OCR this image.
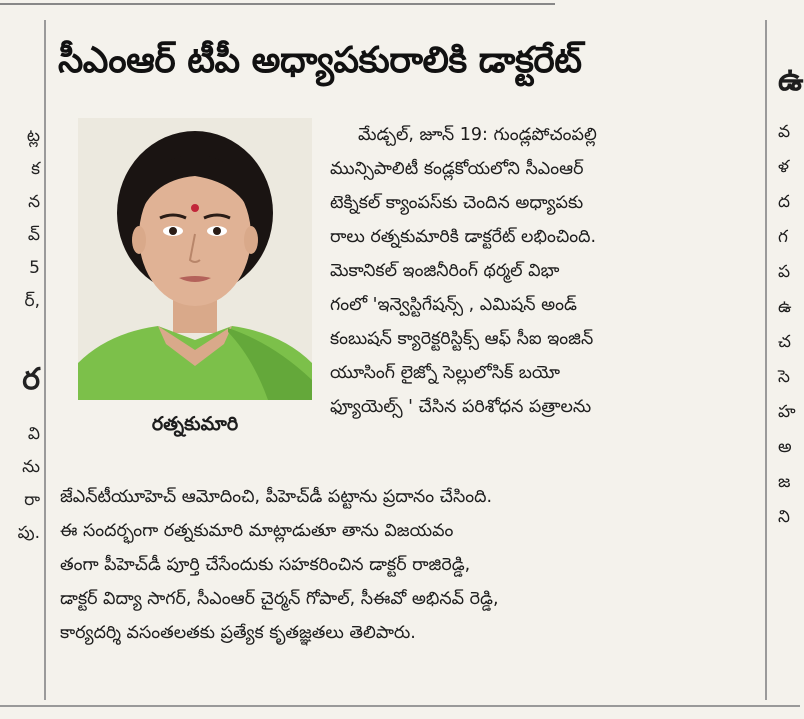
ట్ల
క
న
వ్
5
ర్,
ర
వి
ను
రా
పు.
ఉ
వ
ళ
ద
గ
ప
ఉ
చ
సె
హ
అ
జ
ని
సీఎంఆర్ టీపీ అధ్యాపకురాలికి డాక్టరేట్
రత్నకుమారి
మేడ్చల్, జూన్ 19: గుండ్లపోచంపల్లి
మున్సిపాలిటీ కండ్లకోయలోని సీఎంఆర్
టెక్నికల్ క్యాంపస్‌కు చెందిన అధ్యాపకు
రాలు రత్నకుమారికి డాక్టరేట్ లభించింది.
మెకానికల్ ఇంజినీరింగ్ థర్మల్ విభా
గంలో 'ఇన్వెస్టిగేషన్స్ , ఎమిషన్ అండ్
కంబుషన్ క్యారెక్టరిస్టిక్స్ ఆఫ్ సీఐ ఇంజిన్
యూసింగ్ లైజ్నో సెల్లులోసిక్ బయో
ఫ్యూయెల్స్ ' చేసిన పరిశోధన పత్రాలను
జేఎన్‌టీయూహెచ్ ఆమోదించి, పీహెచ్‌డీ పట్టాను ప్రదానం చేసింది.
ఈ సందర్భంగా రత్నకుమారి మాట్లాడుతూ తాను విజయవం
తంగా పీహెచ్‌డీ పూర్తి చేసేందుకు సహకరించిన డాక్టర్ రాజిరెడ్డి,
డాక్టర్ విద్యా సాగర్, సీఎంఆర్ చైర్మన్ గోపాల్, సీఈవో అభినవ్ రెడ్డి,
కార్యదర్శి వసంతలతకు ప్రత్యేక కృతజ్ఞతలు తెలిపారు.
